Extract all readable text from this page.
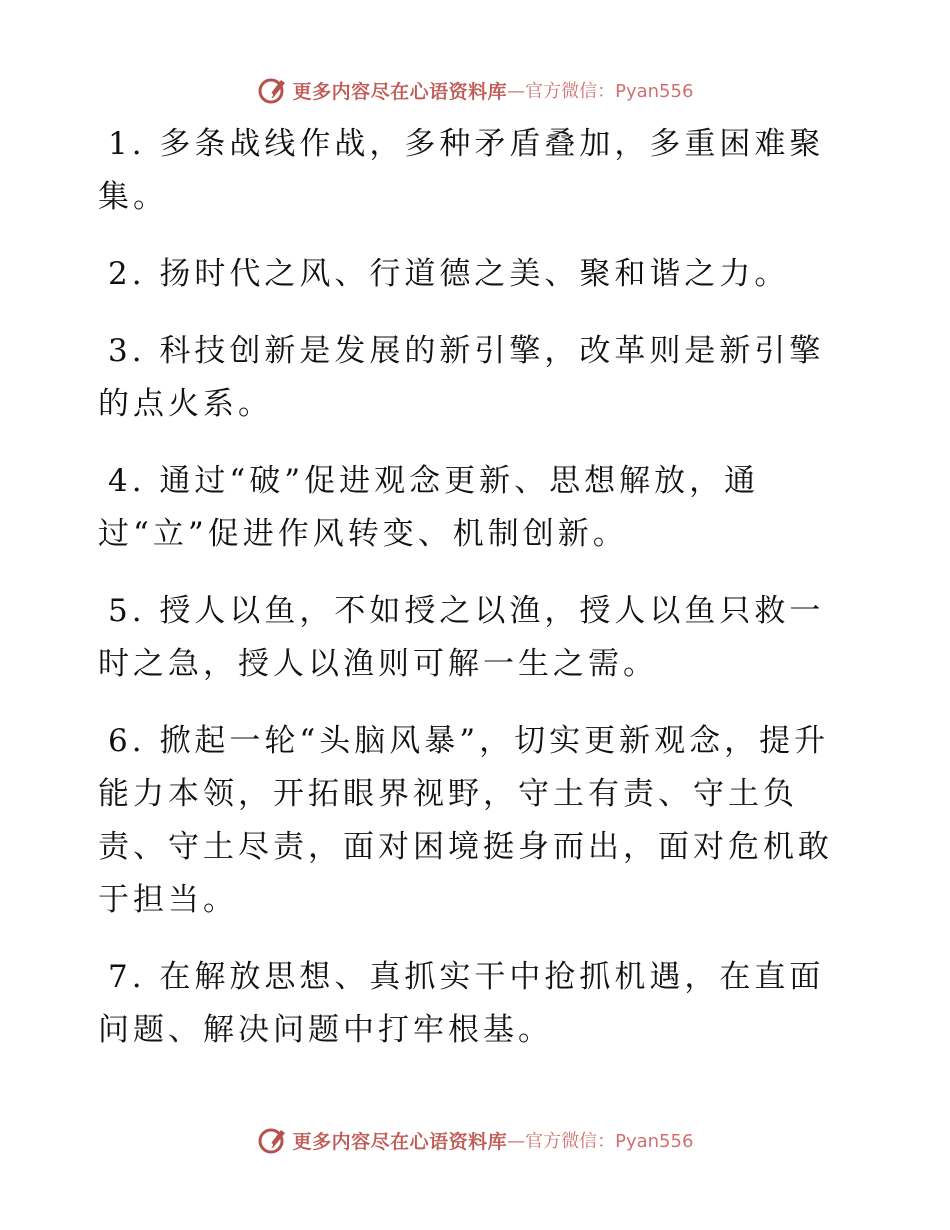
更多内容尽在心语资料库 —官方微信：Pyan556

1. 多条战线作战，多种矛盾叠加，多重困难聚集。

2. 扬时代之风、行道德之美、聚和谐之力。

3. 科技创新是发展的新引擎，改革则是新引擎的点火系。

4. 通过“破”促进观念更新、思想解放，通过“立”促进作风转变、机制创新。

5. 授人以鱼，不如授之以渔，授人以鱼只救一时之急，授人以渔则可解一生之需。

6. 掀起一轮“头脑风暴”，切实更新观念，提升能力本领，开拓眼界视野，守土有责、守土负责、守土尽责，面对困境挺身而出，面对危机敢于担当。

7. 在解放思想、真抓实干中抢抓机遇，在直面问题、解决问题中打牢根基。

更多内容尽在心语资料库 —官方微信：Pyan556
